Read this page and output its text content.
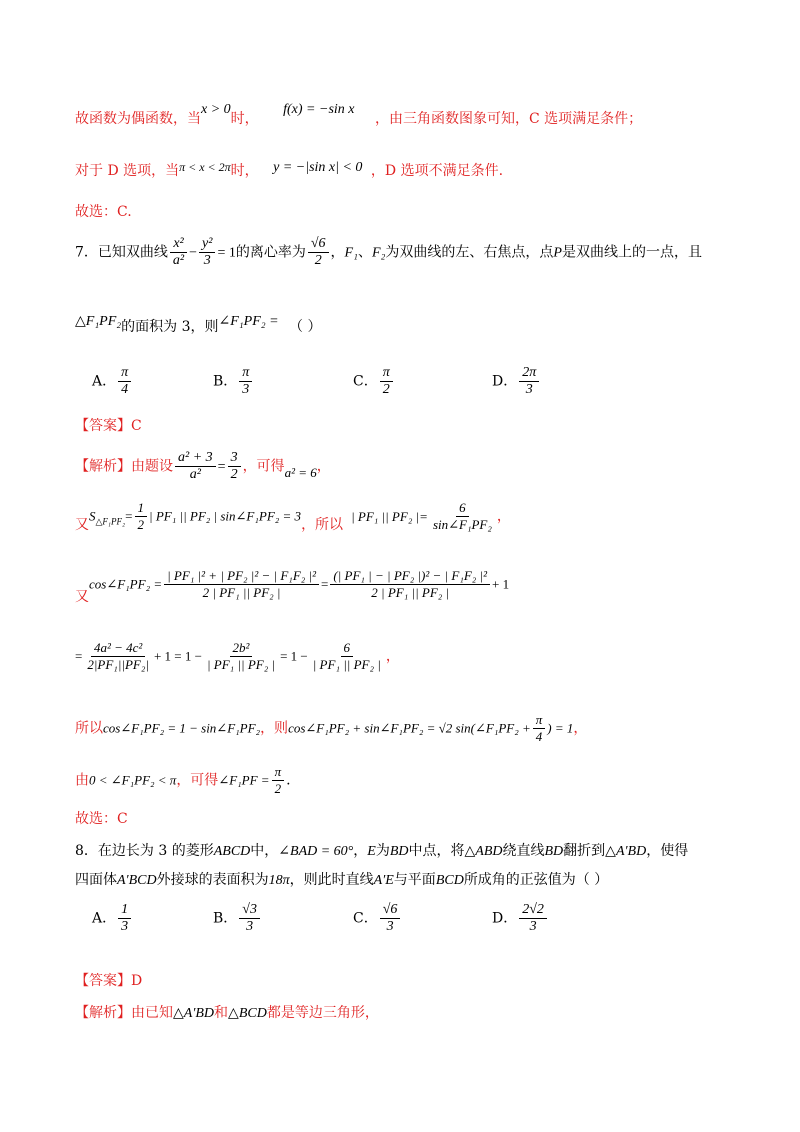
故函数为偶函数，当x > 0时， f(x) = −sin x ，由三角函数图象可知，C 选项满足条件；
对于 D 选项，当π < x < 2π时， y = −|sin x| < 0 ，D 选项不满足条件.
故选：C.
7．已知双曲线 $\frac{\text{x²}}{\text{a²}} - \frac{\text{y²}}{3} = 1$的离心率为 $\frac{√6}{2}$ ，F₁、F₂为双曲线的左、右焦点，点P是双曲线上的一点，且
△F₁PF₂的面积为 3，则∠F₁PF₂ = （ ）
A． $\frac{\pi}{4}$	B． $\frac{\pi}{3}$	C． $\frac{\pi}{2}$	D． $\frac{2\pi}{3}$
【答案】C
【解析】由题设 $\frac{\text{a² + 3}}{\text{a²}} = \frac{3}{2}$ ，可得a² = 6，
又$S_{\triangle F_1PF_2}= \frac{1}{2}$ | PF₁ || PF₂ | sin∠F₁PF₂ = 3，所以| PF₁ || PF₂ |= $\frac{6}{\text{sin∠F₁PF₂}}$ ，
又cos∠F₁PF₂ = $\frac{\text{| PF₁ |² + | PF₂ |² − | F₁F₂ |²}}{\text{2 | PF₁ || PF₂ |}} = \frac{\text{(| PF₁ | − | PF₂ |)² − | F₁F₂ |²}}{\text{2 | PF₁ || PF₂ |}} + 1$
= $\frac{\text{4a² − 4c²}}{\text{2|PF₁||PF₂|}} + 1 = 1 - \frac{\text{2b²}}{\text{| PF₁ || PF₂ |}} = 1 - \frac{6}{\text{| PF₁ || PF₂ |}}$ ，
所以cos∠F₁PF₂ = 1 − sin∠F₁PF₂，则cos∠F₁PF₂ + sin∠F₁PF₂ = √2 sin(∠F₁PF₂ + $\frac{\pi}{4}$ ) = 1，
由0 < ∠F₁PF₂ < π，可得∠F₁PF = $\frac{\pi}{2}$ .
故选：C
8．在边长为 3 的菱形ABCD中，∠BAD = 60°，E为BD中点，将△ABD绕直线BD翻折到△A′BD，使得
四面体A′BCD外接球的表面积为18π，则此时直线A′E与平面BCD所成角的正弦值为（ ）
A． $\frac{1}{3}$	B． $\frac{√3}{3}$	C． $\frac{√6}{3}$	D． $\frac{2√2}{3}$
【答案】D
【解析】由已知△A′BD和△BCD都是等边三角形，
